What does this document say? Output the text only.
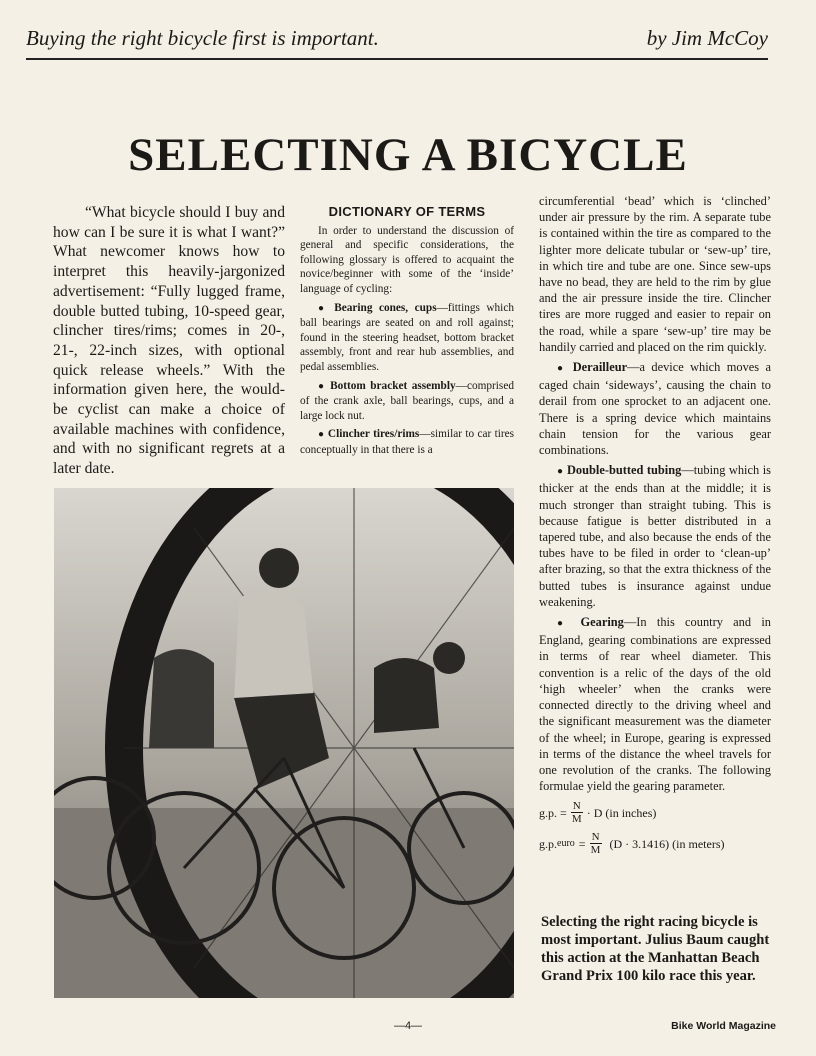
Buying the right bicycle first is important.	by Jim McCoy
SELECTING A BICYCLE

“What bicycle should I buy and how can I be sure it is what I want?” What newcomer knows how to interpret this heavily-jargonized advertisement: “Fully lugged frame, double butted tubing, 10-speed gear, clincher tires/rims; comes in 20-, 21-, 22-inch sizes, with optional quick release wheels.” With the information given here, the would-be cyclist can make a choice of available machines with confidence, and with no significant regrets at a later date.

DICTIONARY OF TERMS

In order to understand the discussion of general and specific considerations, the following glossary is offered to acquaint the novice/beginner with some of the ‘inside’ language of cycling:

● Bearing cones, cups—fittings which ball bearings are seated on and roll against; found in the steering headset, bottom bracket assembly, front and rear hub assemblies, and pedal assemblies.

● Bottom bracket assembly—comprised of the crank axle, ball bearings, cups, and a large lock nut.

● Clincher tires/rims—similar to car tires conceptually in that there is a

circumferential ‘bead’ which is ‘clinched’ under air pressure by the rim. A separate tube is contained within the tire as compared to the lighter more delicate tubular or ‘sew-up’ tire, in which tire and tube are one. Since sew-ups have no bead, they are held to the rim by glue and the air pressure inside the tire. Clincher tires are more rugged and easier to repair on the road, while a spare ‘sew-up’ tire may be handily carried and placed on the rim quickly.

● Derailleur—a device which moves a caged chain ‘sideways’, causing the chain to derail from one sprocket to an adjacent one. There is a spring device which maintains chain tension for the various gear combinations.

● Double-butted tubing—tubing which is thicker at the ends than at the middle; it is much stronger than straight tubing. This is because fatigue is better distributed in a tapered tube, and also because the ends of the tubes have to be filed in order to ‘clean-up’ after brazing, so that the extra thickness of the butted tubes is insurance against undue weakening.

● Gearing—In this country and in England, gearing combinations are expressed in terms of rear wheel diameter. This convention is a relic of the days of the old ‘high wheeler’ when the cranks were connected directly to the driving wheel and the significant measurement was the diameter of the wheel; in Europe, gearing is expressed in terms of the distance the wheel travels for one revolution of the cranks. The following formulae yield the gearing parameter.

g.p. = $\frac{N}{M} \cdot D$ (in inches)
g.p. euro = $\frac{N}{M} (D \cdot 3.1416)$ (in meters)
Selecting the right racing bicycle is most important. Julius Baum caught this action at the Manhattan Beach Grand Prix 100 kilo race this year.
—4—	Bike World Magazine
